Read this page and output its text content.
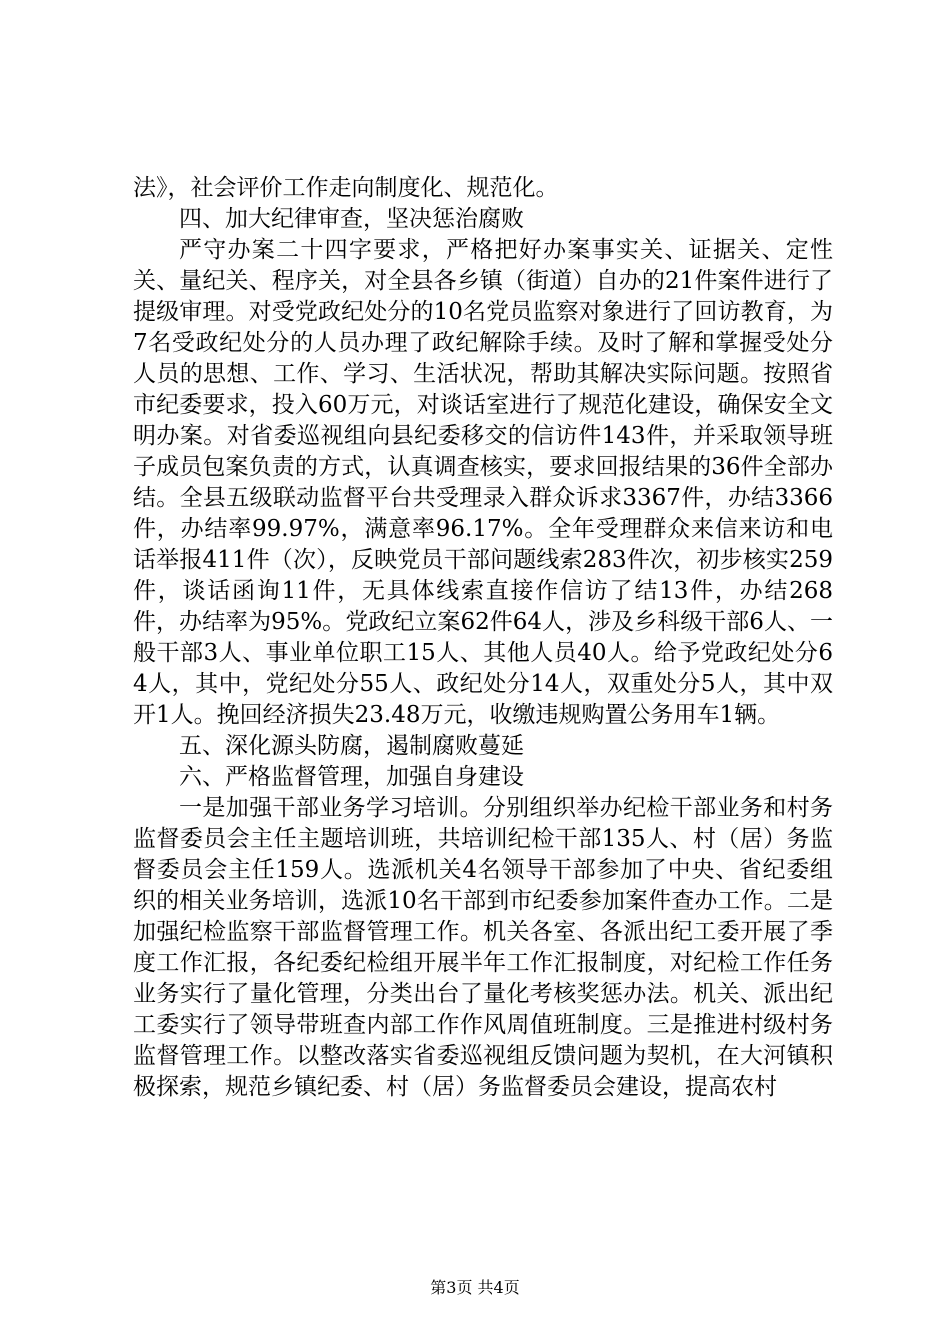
法》，社会评价工作走向制度化、规范化。

四、加大纪律审查，坚决惩治腐败

严守办案二十四字要求，严格把好办案事实关、证据关、定性关、量纪关、程序关，对全县各乡镇（街道）自办的21件案件进行了提级审理。对受党政纪处分的10名党员监察对象进行了回访教育，为7名受政纪处分的人员办理了政纪解除手续。及时了解和掌握受处分人员的思想、工作、学习、生活状况，帮助其解决实际问题。按照省市纪委要求，投入60万元，对谈话室进行了规范化建设，确保安全文明办案。对省委巡视组向县纪委移交的信访件143件，并采取领导班子成员包案负责的方式，认真调查核实，要求回报结果的36件全部办结。全县五级联动监督平台共受理录入群众诉求3367件，办结3366件，办结率99.97%，满意率96.17%。全年受理群众来信来访和电话举报411件（次），反映党员干部问题线索283件次，初步核实259件，谈话函询11件，无具体线索直接作信访了结13件，办结268件，办结率为95%。党政纪立案62件64人，涉及乡科级干部6人、一般干部3人、事业单位职工15人、其他人员40人。给予党政纪处分64人，其中，党纪处分55人、政纪处分14人，双重处分5人，其中双开1人。挽回经济损失23.48万元，收缴违规购置公务用车1辆。

五、深化源头防腐，遏制腐败蔓延

六、严格监督管理，加强自身建设

一是加强干部业务学习培训。分别组织举办纪检干部业务和村务监督委员会主任主题培训班，共培训纪检干部135人、村（居）务监督委员会主任159人。选派机关4名领导干部参加了中央、省纪委组织的相关业务培训，选派10名干部到市纪委参加案件查办工作。二是加强纪检监察干部监督管理工作。机关各室、各派出纪工委开展了季度工作汇报，各纪委纪检组开展半年工作汇报制度，对纪检工作任务业务实行了量化管理，分类出台了量化考核奖惩办法。机关、派出纪工委实行了领导带班查内部工作作风周值班制度。三是推进村级村务监督管理工作。以整改落实省委巡视组反馈问题为契机，在大河镇积极探索，规范乡镇纪委、村（居）务监督委员会建设，提高农村

第3页 共4页
